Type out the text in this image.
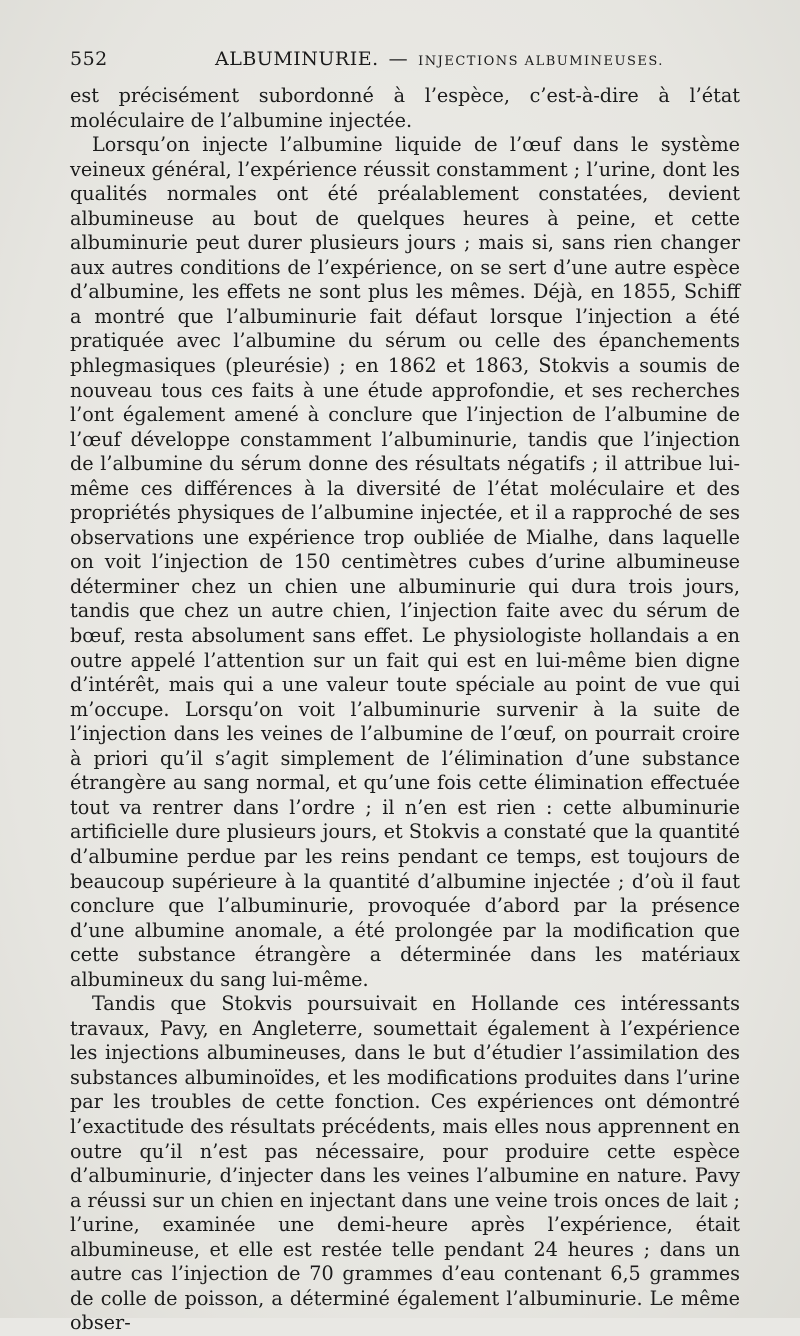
552	ALBUMINURIE. — INJECTIONS ALBUMINEUSES.

est précisément subordonné à l’espèce, c’est-à-dire à l’état moléculaire de l’albumine injectée.

Lorsqu’on injecte l’albumine liquide de l’œuf dans le système veineux général, l’expérience réussit constamment ; l’urine, dont les qualités normales ont été préalablement constatées, devient albumineuse au bout de quelques heures à peine, et cette albuminurie peut durer plusieurs jours ; mais si, sans rien changer aux autres conditions de l’expérience, on se sert d’une autre espèce d’albumine, les effets ne sont plus les mêmes. Déjà, en 1855, Schiff a montré que l’albuminurie fait défaut lorsque l’injection a été pratiquée avec l’albumine du sérum ou celle des épanchements phlegmasiques (pleurésie) ; en 1862 et 1863, Stokvis a soumis de nouveau tous ces faits à une étude approfondie, et ses recherches l’ont également amené à conclure que l’injection de l’albumine de l’œuf développe constamment l’albuminurie, tandis que l’injection de l’albumine du sérum donne des résultats négatifs ; il attribue lui-même ces différences à la diversité de l’état moléculaire et des propriétés physiques de l’albumine injectée, et il a rapproché de ses observations une expérience trop oubliée de Mialhe, dans laquelle on voit l’injection de 150 centimètres cubes d’urine albumineuse déterminer chez un chien une albuminurie qui dura trois jours, tandis que chez un autre chien, l’injection faite avec du sérum de bœuf, resta absolument sans effet. Le physiologiste hollandais a en outre appelé l’attention sur un fait qui est en lui-même bien digne d’intérêt, mais qui a une valeur toute spéciale au point de vue qui m’occupe. Lorsqu’on voit l’albuminurie survenir à la suite de l’injection dans les veines de l’albumine de l’œuf, on pourrait croire à priori qu’il s’agit simplement de l’élimination d’une substance étrangère au sang normal, et qu’une fois cette élimination effectuée tout va rentrer dans l’ordre ; il n’en est rien : cette albuminurie artificielle dure plusieurs jours, et Stokvis a constaté que la quantité d’albumine perdue par les reins pendant ce temps, est toujours de beaucoup supérieure à la quantité d’albumine injectée ; d’où il faut conclure que l’albuminurie, provoquée d’abord par la présence d’une albumine anomale, a été prolongée par la modification que cette substance étrangère a déterminée dans les matériaux albumineux du sang lui-même.

Tandis que Stokvis poursuivait en Hollande ces intéressants travaux, Pavy, en Angleterre, soumettait également à l’expérience les injections albumineuses, dans le but d’étudier l’assimilation des substances albuminoïdes, et les modifications produites dans l’urine par les troubles de cette fonction. Ces expériences ont démontré l’exactitude des résultats précédents, mais elles nous apprennent en outre qu’il n’est pas nécessaire, pour produire cette espèce d’albuminurie, d’injecter dans les veines l’albumine en nature. Pavy a réussi sur un chien en injectant dans une veine trois onces de lait ; l’urine, examinée une demi-heure après l’expérience, était albumineuse, et elle est restée telle pendant 24 heures ; dans un autre cas l’injection de 70 grammes d’eau contenant 6,5 grammes de colle de poisson, a déterminé également l’albuminurie. Le même obser-
